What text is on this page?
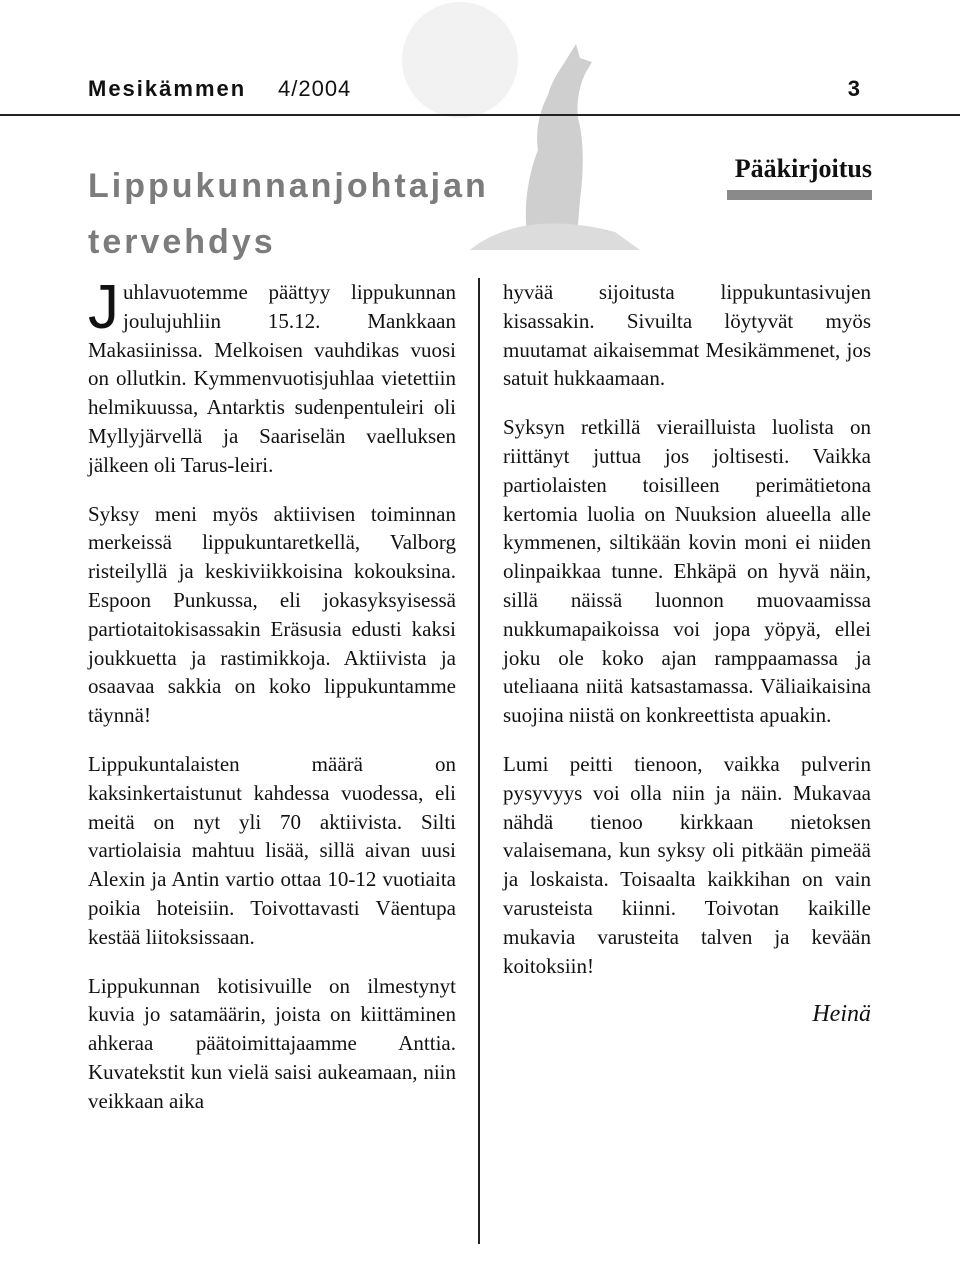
Mesikämmen 4/2004	3
Lippukunnanjohtajan tervehdys
Pääkirjoitus

Juhlavuotemme päättyy lippukunnan joulujuhliin 15.12. Mankkaan Makasiinissa. Melkoisen vauhdikas vuosi on ollutkin. Kymmenvuotisjuhlaa vietettiin helmikuussa, Antarktis sudenpentuleiri oli Myllyjärvellä ja Saariselän vaelluksen jälkeen oli Tarus-leiri.

Syksy meni myös aktiivisen toiminnan merkeissä lippukuntaretkellä, Valborg risteilyllä ja keskiviikkoisina kokouksina. Espoon Punkussa, eli jokasyksyisessä partiotaitokisassakin Eräsusia edusti kaksi joukkuetta ja rastimikkoja. Aktiivista ja osaavaa sakkia on koko lippukuntamme täynnä!

Lippukuntalaisten määrä on kaksinkertaistunut kahdessa vuodessa, eli meitä on nyt yli 70 aktiivista. Silti vartiolaisia mahtuu lisää, sillä aivan uusi Alexin ja Antin vartio ottaa 10-12 vuotiaita poikia hoteisiin. Toivottavasti Väentupa kestää liitoksissaan.

Lippukunnan kotisivuille on ilmestynyt kuvia jo satamäärin, joista on kiittäminen ahkeraa päätoimittajaamme Anttia. Kuvatekstit kun vielä saisi aukeamaan, niin veikkaan aika

hyvää sijoitusta lippukuntasivujen kisassakin. Sivuilta löytyvät myös muutamat aikaisemmat Mesikämmenet, jos satuit hukkaamaan.

Syksyn retkillä vierailluista luolista on riittänyt juttua jos joltisesti. Vaikka partiolaisten toisilleen perimätietona kertomia luolia on Nuuksion alueella alle kymmenen, siltikään kovin moni ei niiden olinpaikkaa tunne. Ehkäpä on hyvä näin, sillä näissä luonnon muovaamissa nukkumapaikoissa voi jopa yöpyä, ellei joku ole koko ajan ramppaamassa ja uteliaana niitä katsastamassa. Väliaikaisina suojina niistä on konkreettista apuakin.

Lumi peitti tienoon, vaikka pulverin pysyvyys voi olla niin ja näin. Mukavaa nähdä tienoo kirkkaan nietoksen valaisemana, kun syksy oli pitkään pimeää ja loskaista. Toisaalta kaikkihan on vain varusteista kiinni. Toivotan kaikille mukavia varusteita talven ja kevään koitoksiin!

Heinä
